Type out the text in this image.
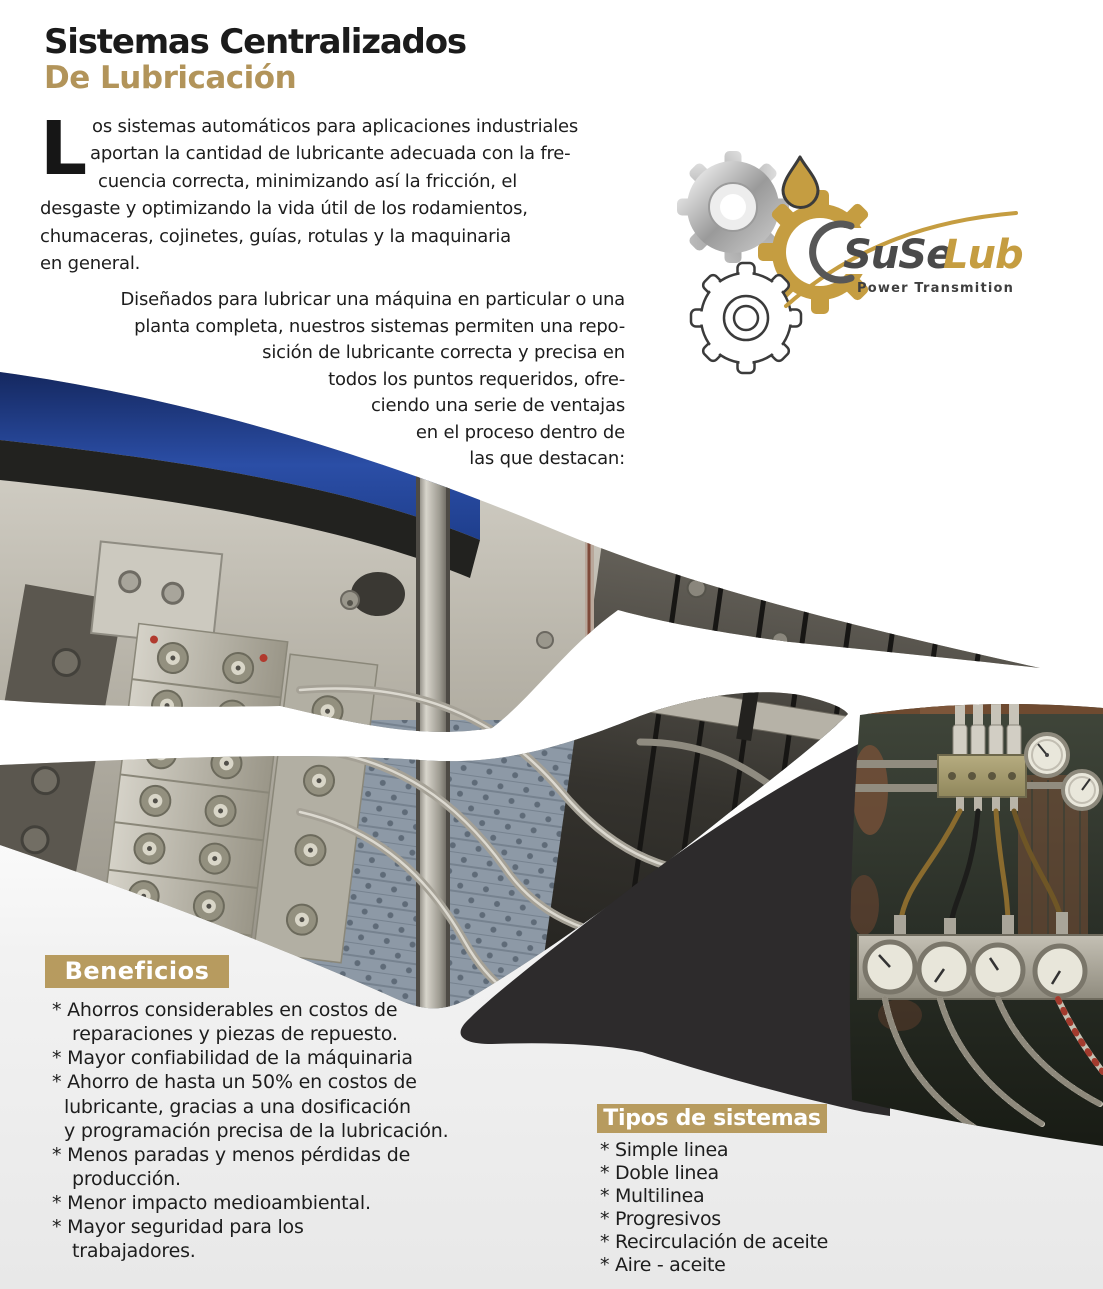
SuSe
Lub
Power Transmition
Sistemas Centralizados
De Lubricación
L os sistemas automáticos para aplicaciones industriales
aportan la cantidad de lubricante adecuada con la fre-
cuencia correcta, minimizando así la fricción, el
desgaste y optimizando la vida útil de los rodamientos,
chumaceras, cojinetes, guías, rotulas y la maquinaria
en general.
Diseñados para lubricar una máquina en particular o una
planta completa, nuestros sistemas permiten una repo-
sición de lubricante correcta y precisa en
todos los puntos requeridos, ofre-
ciendo una serie de ventajas
en el proceso dentro de
las que destacan:
Beneficios
* Ahorros considerables en costos de
reparaciones y piezas de repuesto.
* Mayor confiabilidad de la máquinaria
* Ahorro de hasta un 50% en costos de
lubricante, gracias a una dosificación
y programación precisa de la lubricación.
* Menos paradas y menos pérdidas de
producción.
* Menor impacto medioambiental.
* Mayor seguridad para los
trabajadores.
Tipos de sistemas
* Simple linea
* Doble linea
* Multilinea
* Progresivos
* Recirculación de aceite
* Aire - aceite
